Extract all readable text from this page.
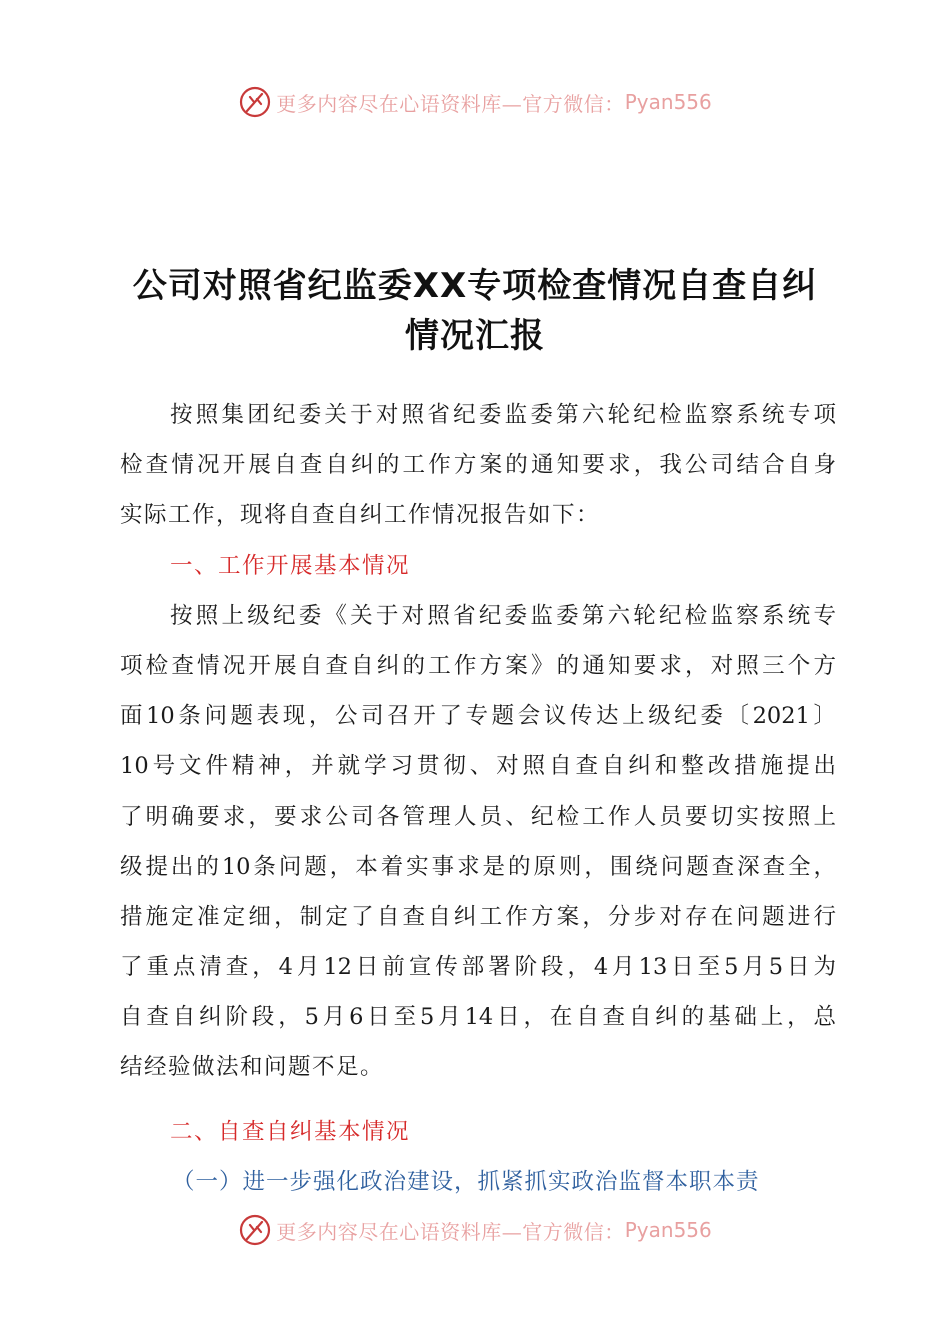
更多内容尽在心语资料库—官方微信： Pyan556
公司对照省纪监委XX专项检查情况自查自纠
情况汇报
按照集团纪委关于对照省纪委监委第六轮纪检监察系统专项
检查情况开展自查自纠的工作方案的通知要求，我公司结合自身
实际工作，现将自查自纠工作情况报告如下：
一、工作开展基本情况
按照上级纪委《关于对照省纪委监委第六轮纪检监察系统专
项检查情况开展自查自纠的工作方案》的通知要求，对照三个方
面10条问题表现，公司召开了专题会议传达上级纪委〔2021〕
10号文件精神，并就学习贯彻、对照自查自纠和整改措施提出
了明确要求，要求公司各管理人员、纪检工作人员要切实按照上
级提出的10条问题，本着实事求是的原则，围绕问题查深查全，
措施定准定细，制定了自查自纠工作方案，分步对存在问题进行
了重点清查，4月12日前宣传部署阶段，4月13日至5月5日为
自查自纠阶段，5月6日至5月14日，在自查自纠的基础上，总
结经验做法和问题不足。
二、自查自纠基本情况
（一）进一步强化政治建设，抓紧抓实政治监督本职本责
更多内容尽在心语资料库—官方微信： Pyan556
